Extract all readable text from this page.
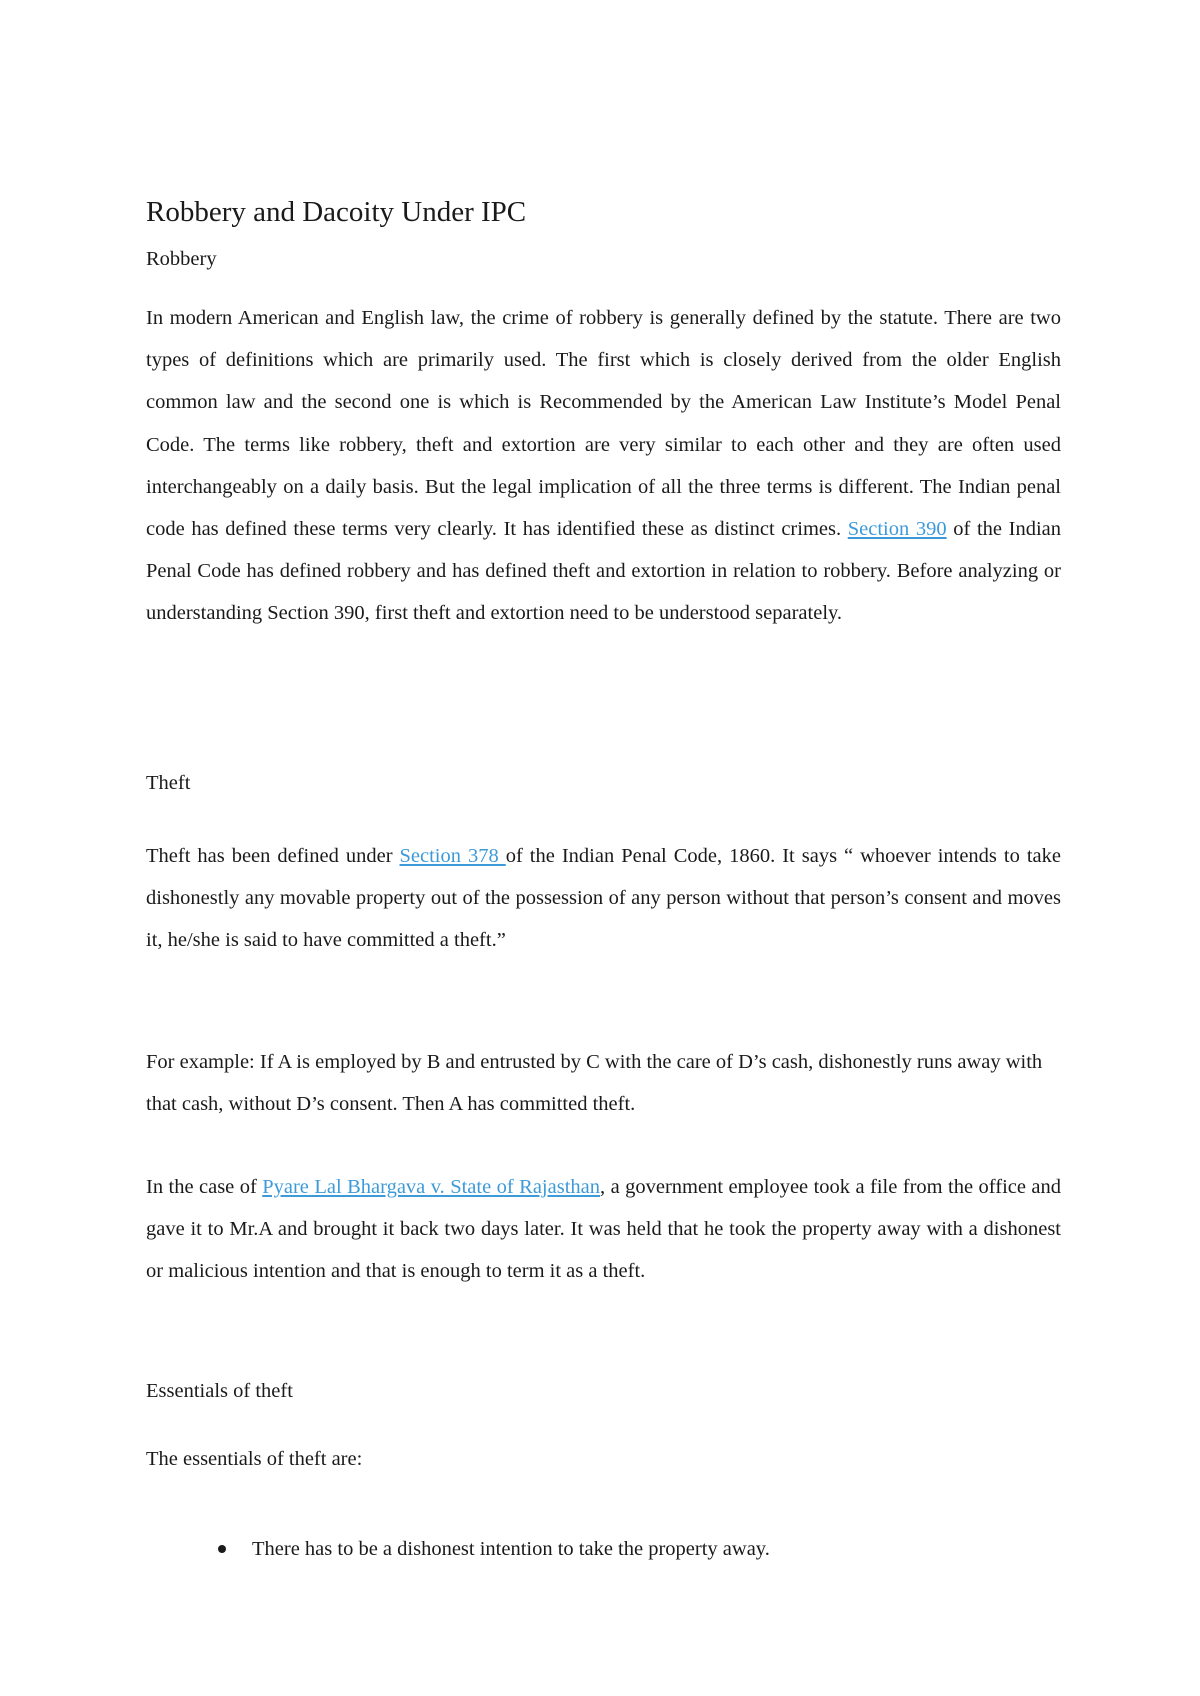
Robbery and Dacoity Under IPC

Robbery

In modern American and English law, the crime of robbery is generally defined by the statute. There are two types of definitions which are primarily used. The first which is closely derived from the older English common law and the second one is which is Recommended by the American Law Institute’s Model Penal Code. The terms like robbery, theft and extortion are very similar to each other and they are often used interchangeably on a daily basis. But the legal implication of all the three terms is different. The Indian penal code has defined these terms very clearly. It has identified these as distinct crimes. Section 390 of the Indian Penal Code has defined robbery and has defined theft and extortion in relation to robbery. Before analyzing or understanding Section 390, first theft and extortion need to be understood separately.

Theft

Theft has been defined under Section 378 of the Indian Penal Code, 1860. It says “ whoever intends to take dishonestly any movable property out of the possession of any person without that person’s consent and moves it, he/she is said to have committed a theft.”

For example: If A is employed by B and entrusted by C with the care of D’s cash, dishonestly runs away with that cash, without D’s consent. Then A has committed theft.

In the case of Pyare Lal Bhargava v. State of Rajasthan, a government employee took a file from the office and gave it to Mr.A and brought it back two days later. It was held that he took the property away with a dishonest or malicious intention and that is enough to term it as a theft.

Essentials of theft

The essentials of theft are:

There has to be a dishonest intention to take the property away.
